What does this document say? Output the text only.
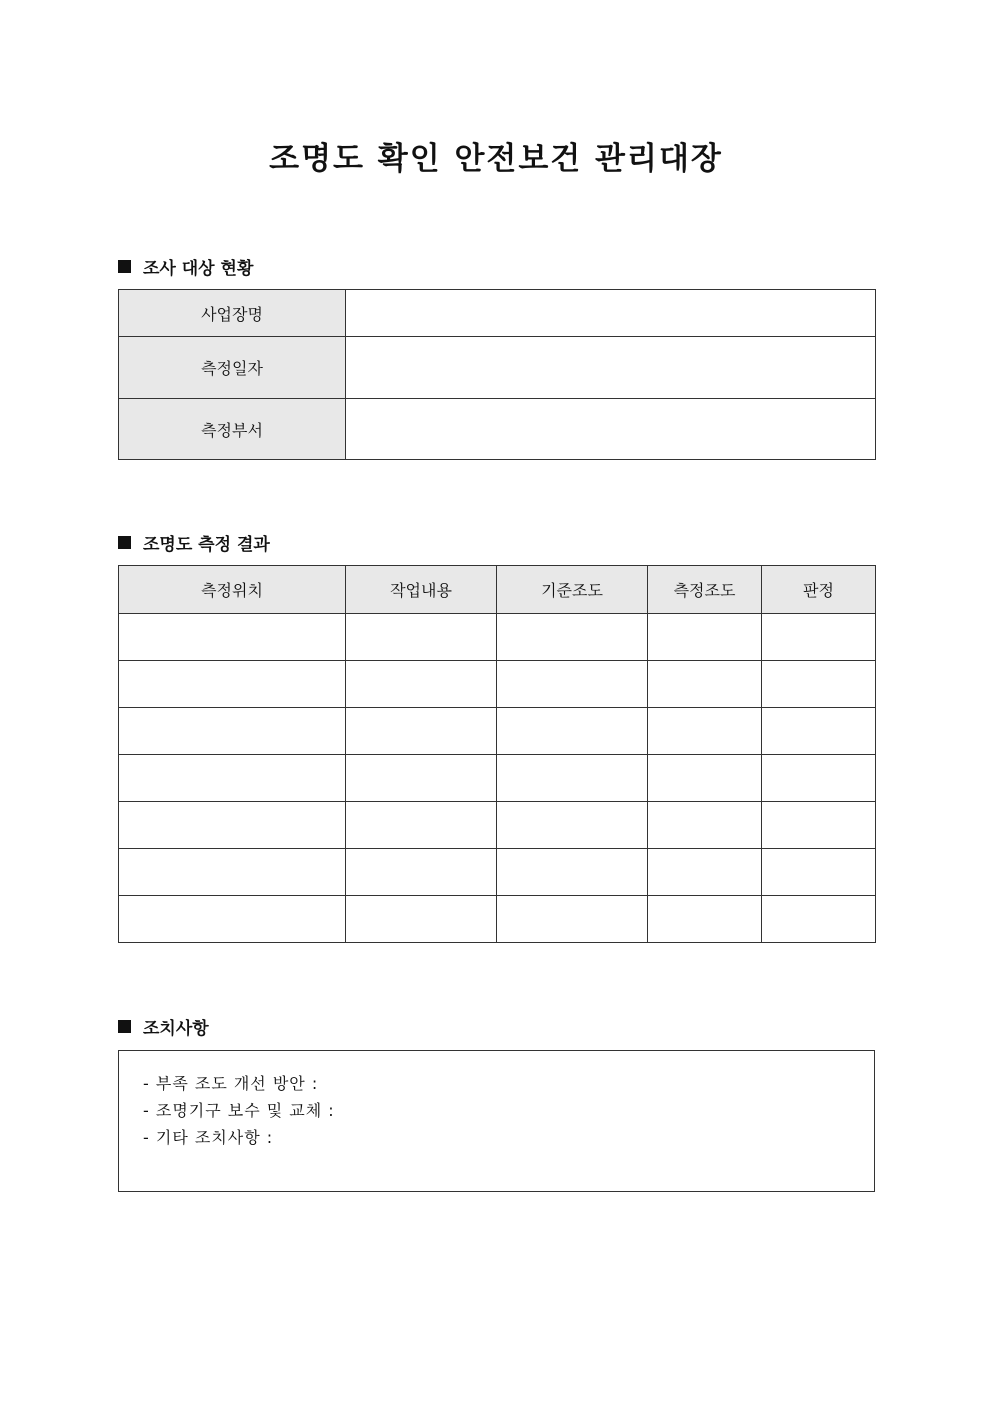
조명도 확인 안전보건 관리대장
조사 대상 현황
사업장명	
측정일자	
측정부서	
조명도 측정 결과
측정위치	작업내용	기준조도	측정조도	판정

조치사항
- 부족 조도 개선 방안 :
- 조명기구 보수 및 교체 :
- 기타 조치사항 :
